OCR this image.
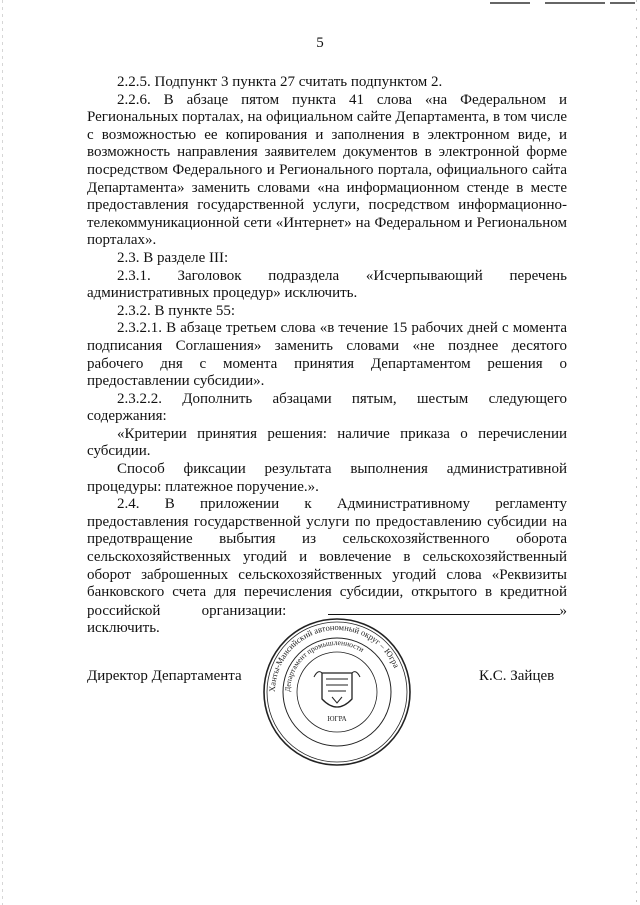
5

2.2.5. Подпункт 3 пункта 27 считать подпунктом 2.

2.2.6. В абзаце пятом пункта 41 слова «на Федеральном и

Региональных порталах, на официальном сайте Департамента, в том числе с возможностью ее копирования и заполнения в электронном виде, и возможность направления заявителем документов в электронной форме посредством Федерального и Регионального портала, официального сайта Департамента» заменить словами «на информационном стенде в месте предоставления государственной услуги, посредством информационно-телекоммуникационной сети «Интернет» на Федеральном и Региональном порталах».

2.3. В разделе III:

2.3.1. Заголовок подраздела «Исчерпывающий перечень

административных процедур» исключить.

2.3.2. В пункте 55:

2.3.2.1. В абзаце третьем слова «в течение 15 рабочих дней с момента подписания Соглашения» заменить словами «не позднее десятого рабочего дня с момента принятия Департаментом решения о предоставлении субсидии».

2.3.2.2. Дополнить абзацами пятым, шестым следующего

содержания:

«Критерии принятия решения: наличие приказа о перечислении субсидии.

Способ фиксации результата выполнения административной процедуры: платежное поручение.».

2.4. В приложении к Административному регламенту

предоставления государственной услуги по предоставлению субсидии на предотвращение выбытия из сельскохозяйственного оборота сельскохозяйственных угодий и вовлечение в сельскохозяйственный оборот заброшенных сельскохозяйственных угодий слова «Реквизиты банковского счета для перечисления субсидии, открытого в кредитной российской организации:	» исключить.

Директор Департамента	К.С. Зайцев
Ханты-Мансийский автономный округ – Югра
Департамент промышленности
ЮГРА
